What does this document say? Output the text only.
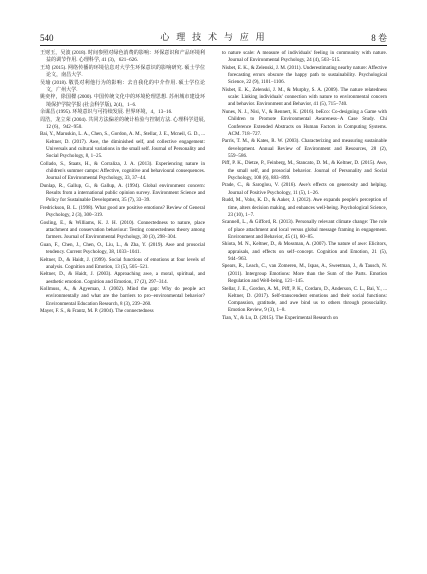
540	心 理 技 术 与 应 用	8 卷

王财玉，吴波 (2018). 时间参照对绿色消费的影响：环保意识和产品环境利益的调节作用. 心理科学, 41 (3)，621−626.

王琦 (2015). 网络传播的环境信息对大学生环保意识的影响研究. 硕士学位论文，南昌大学.

吴瑜 (2018). 敬畏对利他行为的影响：去自我化的中介作用. 硕士学位论文，广州大学.

姚奕梓，徐国樑 (2000). 中国传统文化中的环境伦理思想. 苏州城市建设环境保护学院学报 (社会科学版), 2(4)，1−6.

余谋昌 (1995). 环境意识与可持续发展. 世界环境，4，13−16.

周浩，龙立荣 (2004). 共同方法偏差的统计检验与控制方法. 心理科学进展, 12 (6)，942−950.

Bai, Y., Maruskin, L. A., Chen, S., Gordon, A. M., Stellar, J. E., Mcneil, G. D., ... Keltner, D. (2017). Awe, the diminished self, and collective engagement: Universals and cultural variations in the small self. Journal of Personality and Social Psychology, 8, 1−25.

Collado, S., Staats, H., & Corraliza, J. A. (2013). Experiencing nature in children's summer camps: Affective, cognitive and behavioural consequences. Journal of Environmental Psychology, 33, 37−44.

Dunlap, R., Gallup, G., & Gallup, A. (1994). Global environment concern: Results from a international public opinion survey. Environment Science and Policy for Sustainable Development, 35 (7), 33−39.

Fredrickson, B. L. (1998). What good are positive emotions? Review of General Psychology, 2 (3), 300−319.

Gosling, E., & Williams, K. J. H. (2010). Connectedness to nature, place attachment and conservation behaviour: Testing connectedness theory among farmers. Journal of Environmental Psychology, 30 (3), 298−304.

Guan, F., Chen, J., Chen, O., Liu, L., & Zha, Y. (2019). Awe and prosocial tendency. Current Psychology, 38, 1033−1041.

Keltner, D., & Haidt, J. (1999). Social functions of emotions at four levels of analysis. Cognition and Emotion, 13 (5), 505−521.

Keltner, D., & Haidt, J. (2003). Approaching awe, a moral, spiritual, and aesthetic emotion. Cognition and Emotion, 17 (2), 297−314.

Kollmuss, A., & Agyeman, J. (2002). Mind the gap: Why do people act environmentally and what are the barriers to pro−environmental behavior? Environmental Education Research, 8 (3), 239−260.

Mayer, F. S., & Frantz, M. P. (2004). The connectedness

to nature scale: A measure of individuals' feeling in community with nature. Journal of Environmental Psychology, 24 (4), 503−515.

Nisbet, E. K., & Zelenski, J. M. (2011). Underestimating nearby nature: Affective forecasting errors obscure the happy path to sustainability. Psychological Science, 22 (9), 1101−1106.

Nisbet, E. K., Zelenski, J. M., & Murphy, S. A. (2009). The nature relatedness scale: Linking individuals' connection with nature to environmental concern and behavior. Environment and Behavior, 41 (5), 715−740.

Nunes, N. J., Nisi, V., & Rennert, K. (2016). beEco: Co-designing a Game with Children to Promote Environmental Awareness−A Case Study. Chi Conference Extended Abstracts on Human Factors in Computing Systems. ACM. 718−727.

Parris, T. M., & Kates, R. W. (2003). Characterizing and measuring sustainable development. Annual Review of Environment and Resources, 28 (2), 559−586.

Piff, P. K., Dietze, P., Feinberg, M., Stancato, D. M., & Keltner, D. (2015). Awe, the small self, and prosocial behavior. Journal of Personality and Social Psychology, 108 (6), 883−899.

Prade, C., & Saroglou, V. (2016). Awe's effects on generosity and helping. Journal of Positive Psychology, 11 (5), 1−26.

Rudd, M., Vohs, K. D., & Aaker, J. (2012). Awe expands people's perception of time, alters decision making, and enhances well-being. Psychological Science, 23 (10), 1−7.

Scannell, L., & Gifford, R. (2013). Personally relevant climate change: The role of place attachment and local versus global message framing in engagement. Environment and Behavior, 45 (1), 60−85.

Shiota, M. N., Keltner, D., & Mossman, A. (2007). The nature of awe: Elicitors, appraisals, and effects on self−concept. Cognition and Emotion, 21 (5), 944−963.

Spears, R., Leach, C., van Zomeren, M., Ispas, A., Sweetman, J., & Tausch, N. (2011). Intergroup Emotions: More than the Sum of the Parts. Emotion Regulation and Well-being, 121−145.

Stellar, J. E., Gordon, A. M., Piff, P. K., Cordaro, D., Anderson, C. L., Bai, Y., ... Keltner, D. (2017). Self-transcendent emotions and their social functions: Compassion, gratitude, and awe bind us to others through prosociality. Emotion Review, 9 (3), 1−8.

Tian, Y., & Lu, D. (2015). The Experimental Research on
